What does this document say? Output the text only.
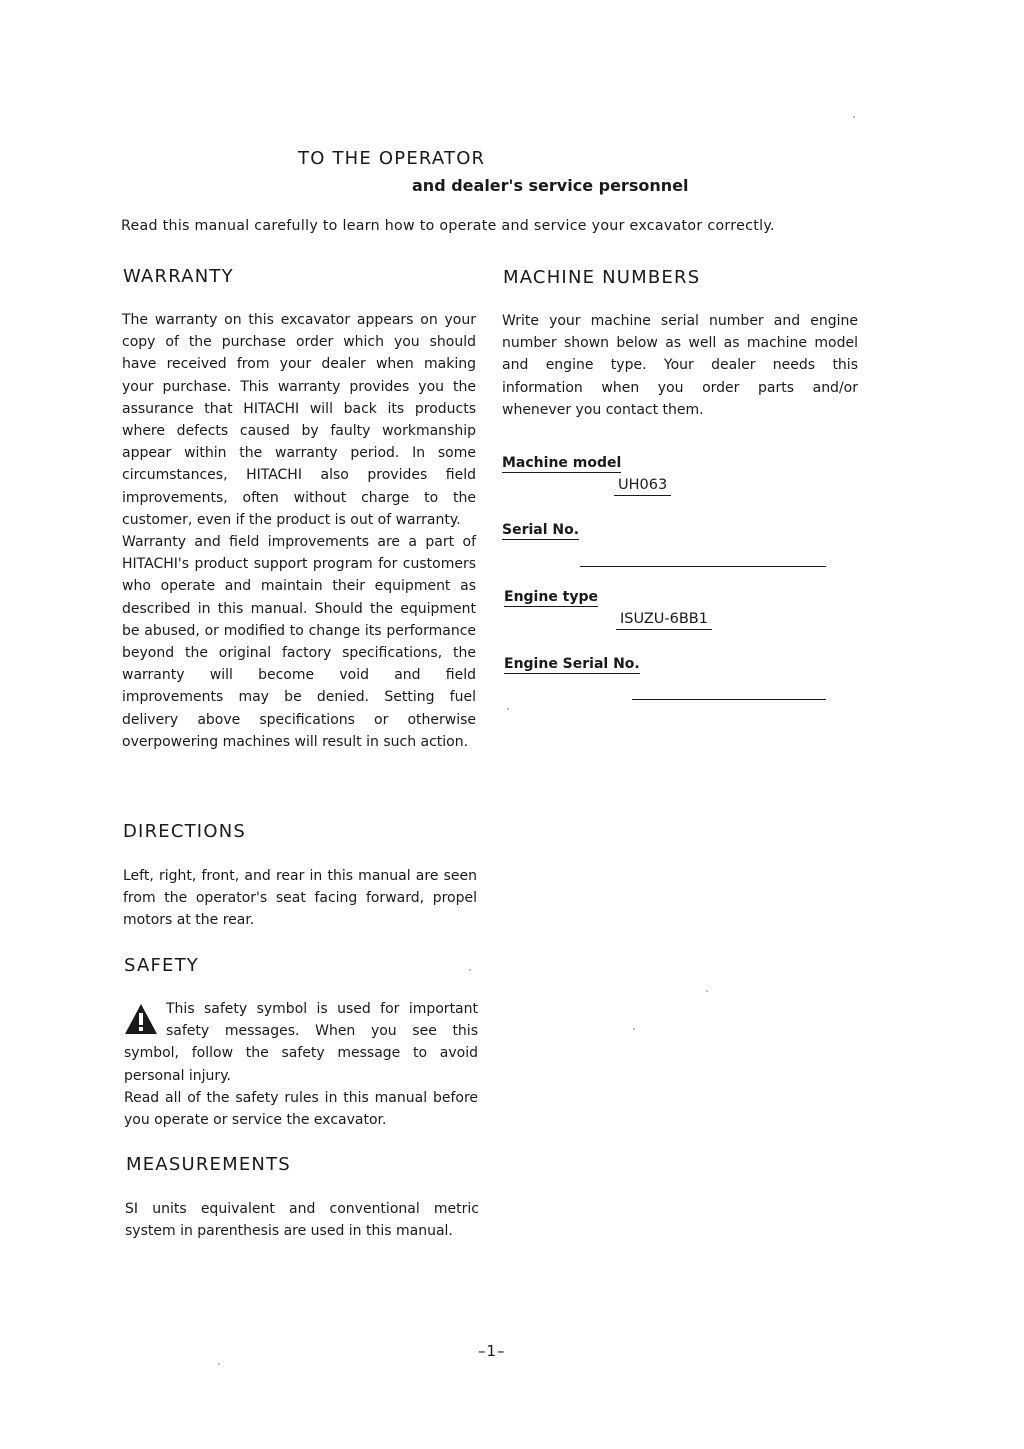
TO THE OPERATOR
and dealer's service personnel
Read this manual carefully to learn how to operate and service your excavator correctly.
WARRANTY
The warranty on this excavator appears on your copy of the purchase order which you should have received from your dealer when making your purchase. This warranty provides you the assurance that HITACHI will back its products where defects caused by faulty workmanship appear within the warranty period. In some circumstances, HITACHI also provides field improvements, often without charge to the customer, even if the product is out of warranty.
Warranty and field improvements are a part of HITACHI's product support program for customers who operate and maintain their equipment as described in this manual. Should the equipment be abused, or modified to change its performance beyond the original factory specifications, the warranty will become void and field improvements may be denied. Setting fuel delivery above specifications or otherwise overpowering machines will result in such action.
DIRECTIONS
Left, right, front, and rear in this manual are seen from the operator's seat facing forward, propel motors at the rear.
SAFETY
This safety symbol is used for important safety messages. When you see this symbol, follow the safety message to avoid personal injury.
Read all of the safety rules in this manual before you operate or service the excavator.
MEASUREMENTS
SI units equivalent and conventional metric system in parenthesis are used in this manual.
MACHINE NUMBERS
Write your machine serial number and engine number shown below as well as machine model and engine type. Your dealer needs this information when you order parts and/or whenever you contact them.
Machine model
UH063
Serial No.
Engine type
ISUZU-6BB1
Engine Serial No.
–1–
